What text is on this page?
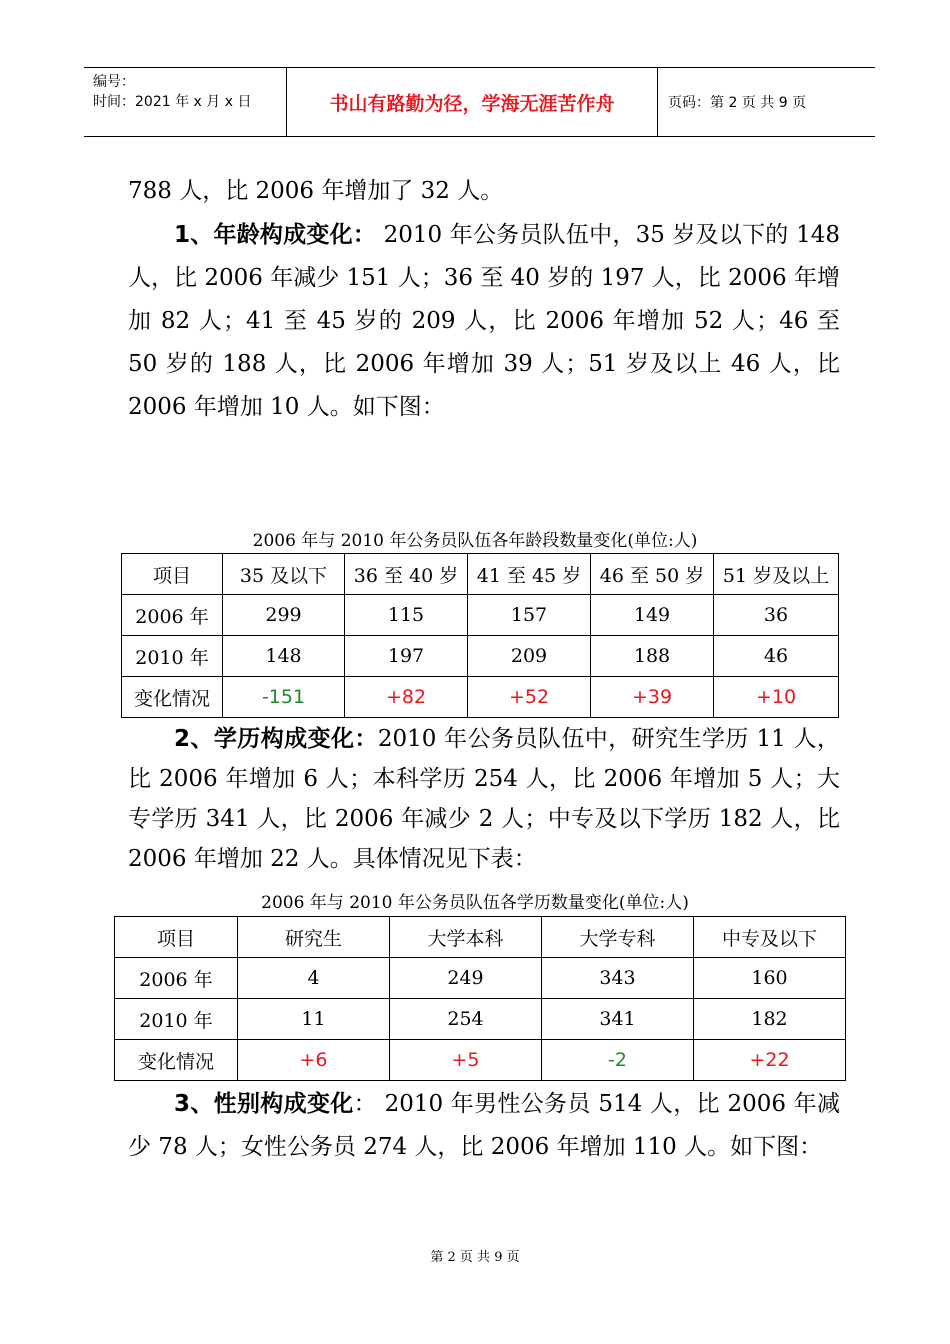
编号：
时间：2021 年 x 月 x 日	书山有路勤为径，学海无涯苦作舟	页码：第 2 页 共 9 页

788 人，比 2006 年增加了 32 人。

1、年龄构成变化： 2010 年公务员队伍中，35 岁及以下的 148 人，比 2006 年减少 151 人；36 至 40 岁的 197 人，比 2006 年增加 82 人；41 至 45 岁的 209 人，比 2006 年增加 52 人；46 至 50 岁的 188 人，比 2006 年增加 39 人；51 岁及以上 46 人，比 2006 年增加 10 人。如下图：

2006 年与 2010 年公务员队伍各年龄段数量变化(单位:人)
项目	35 及以下	36 至 40 岁	41 至 45 岁	46 至 50 岁	51 岁及以上
2006 年	299	115	157	149	36
2010 年	148	197	209	188	46
变化情况	-151	+82	+52	+39	+10

2、学历构成变化：2010 年公务员队伍中，研究生学历 11 人，比 2006 年增加 6 人；本科学历 254 人，比 2006 年增加 5 人；大专学历 341 人，比 2006 年减少 2 人；中专及以下学历 182 人，比 2006 年增加 22 人。具体情况见下表：

2006 年与 2010 年公务员队伍各学历数量变化(单位:人)
项目	研究生	大学本科	大学专科	中专及以下
2006 年	4	249	343	160
2010 年	11	254	341	182
变化情况	+6	+5	-2	+22

3、性别构成变化： 2010 年男性公务员 514 人，比 2006 年减少 78 人；女性公务员 274 人，比 2006 年增加 110 人。如下图：

第 2 页 共 9 页
